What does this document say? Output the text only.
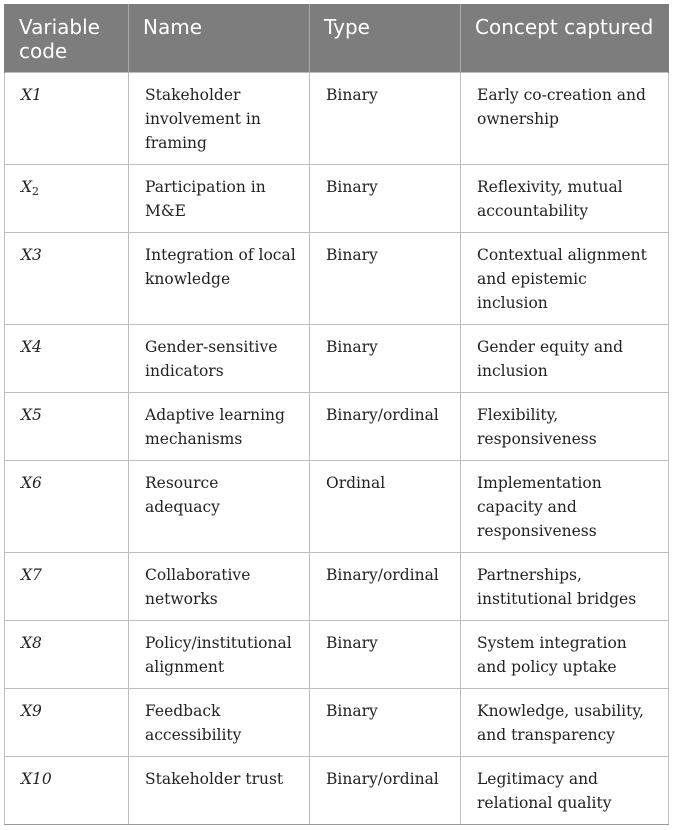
Variable code	Name	Type	Concept captured
X1	Stakeholder involvement in framing	Binary	Early co-creation and ownership
$X_2$	Participation in M&E	Binary	Reflexivity, mutual accountability
X3	Integration of local knowledge	Binary	Contextual alignment and epistemic inclusion
X4	Gender-sensitive indicators	Binary	Gender equity and inclusion
X5	Adaptive learning mechanisms	Binary/ordinal	Flexibility, responsiveness
X6	Resource adequacy	Ordinal	Implementation capacity and responsiveness
X7	Collaborative networks	Binary/ordinal	Partnerships, institutional bridges
X8	Policy/institutional alignment	Binary	System integration and policy uptake
X9	Feedback accessibility	Binary	Knowledge, usability, and transparency
X10	Stakeholder trust	Binary/ordinal	Legitimacy and relational quality
